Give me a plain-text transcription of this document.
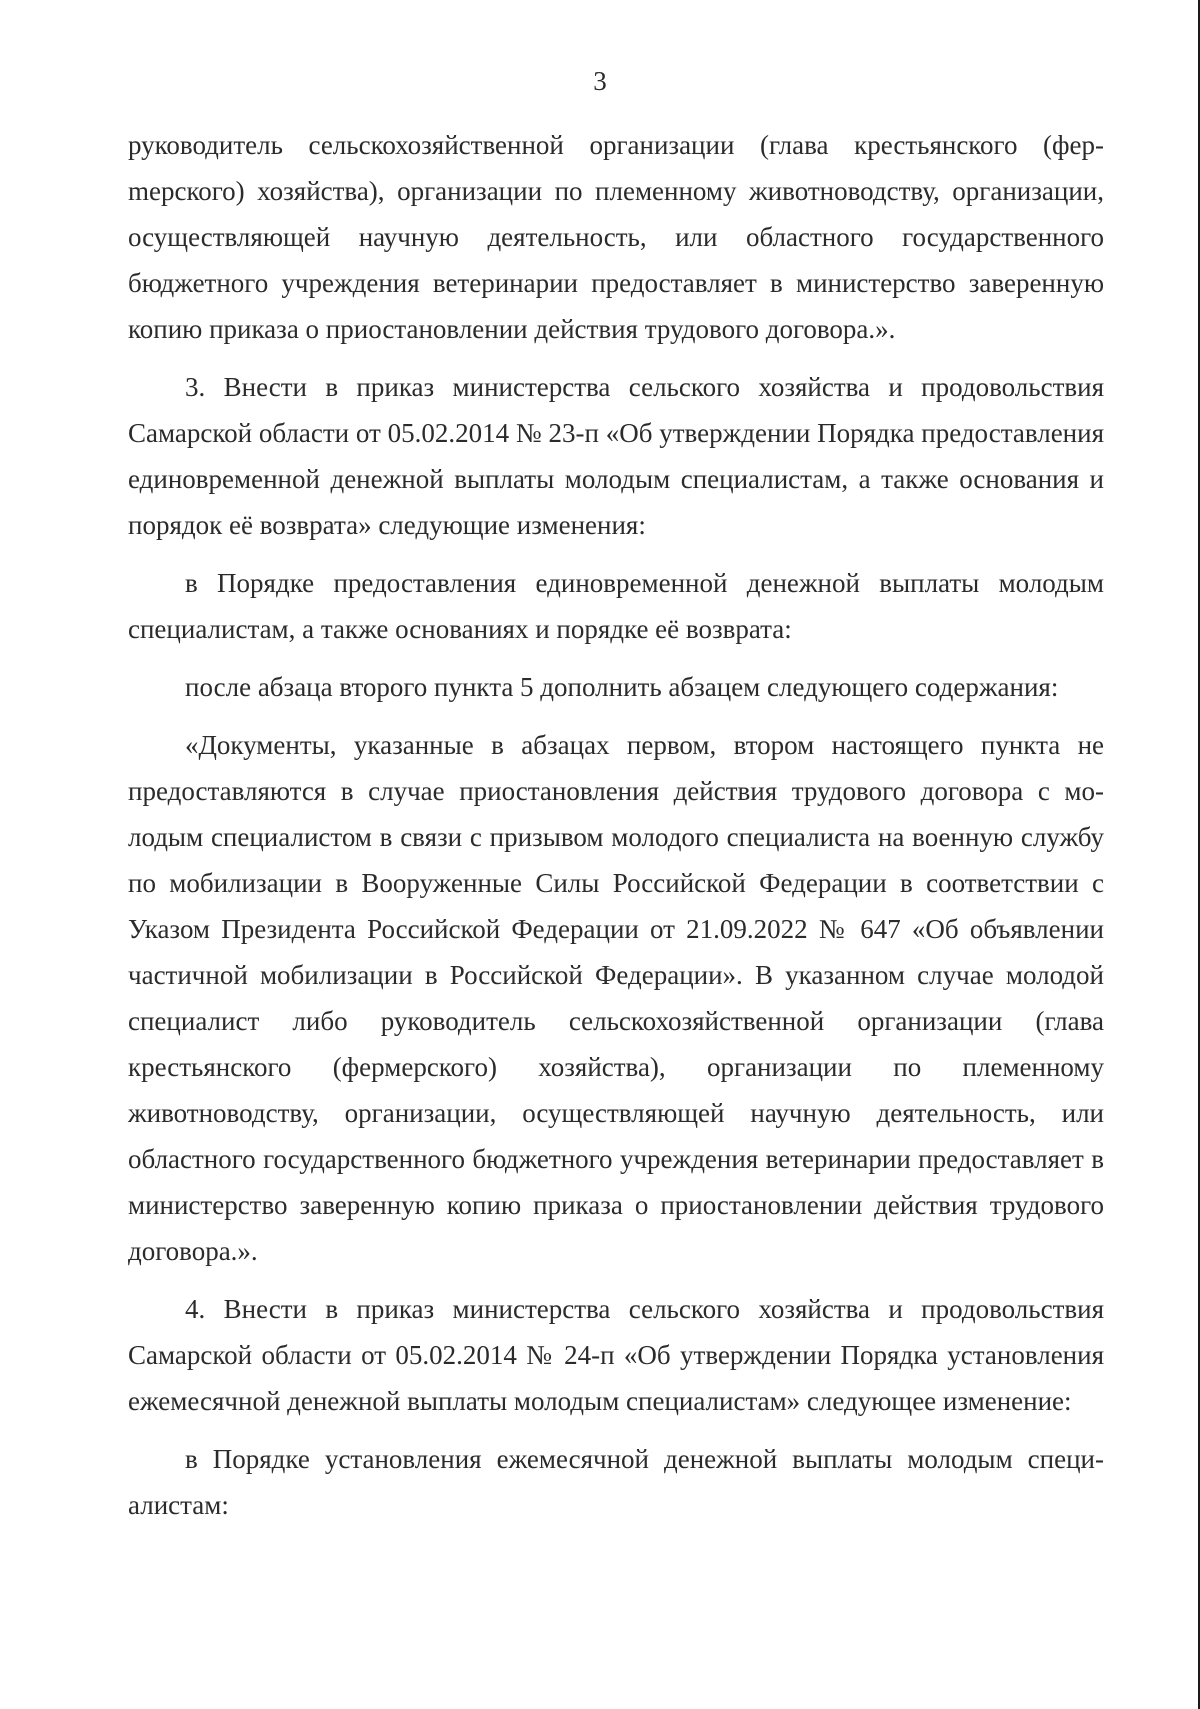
3

руководитель сельскохозяйственной организации (глава крестьянского (ферmерского) хозяйства), организации по племенному животноводству, организации, осуществляющей научную деятельность, или областного государственного бюджетного учреждения ветеринарии предоставляет в министерство заверенную копию приказа о приостановлении действия трудового договора.».

3. Внести в приказ министерства сельского хозяйства и продовольствия Самарской области от 05.02.2014 № 23-п «Об утверждении Порядка предоставления единовременной денежной выплаты молодым специалистам, а также основания и порядок её возврата» следующие изменения:

в Порядке предоставления единовременной денежной выплаты молодым специалистам, а также основаниях и порядке её возврата:

после абзаца второго пункта 5 дополнить абзацем следующего содержания:

«Документы, указанные в абзацах первом, втором настоящего пункта не предоставляются в случае приостановления действия трудового договора с молодым специалистом в связи с призывом молодого специалиста на военную службу по мобилизации в Вооруженные Силы Российской Федерации в соответствии с Указом Президента Российской Федерации от 21.09.2022 № 647 «Об объявлении частичной мобилизации в Российской Федерации». В указанном случае молодой специалист либо руководитель сельскохозяйственной организации (глава крестьянского (фермерского) хозяйства), организации по племенному животноводству, организации, осуществляющей научную деятельность, или областного государственного бюджетного учреждения ветеринарии предоставляет в министерство заверенную копию приказа о приостановлении действия трудового договора.».

4. Внести в приказ министерства сельского хозяйства и продовольствия Самарской области от 05.02.2014 № 24-п «Об утверждении Порядка установления ежемесячной денежной выплаты молодым специалистам» следующее изменение:

в Порядке установления ежемесячной денежной выплаты молодым специалистам:
